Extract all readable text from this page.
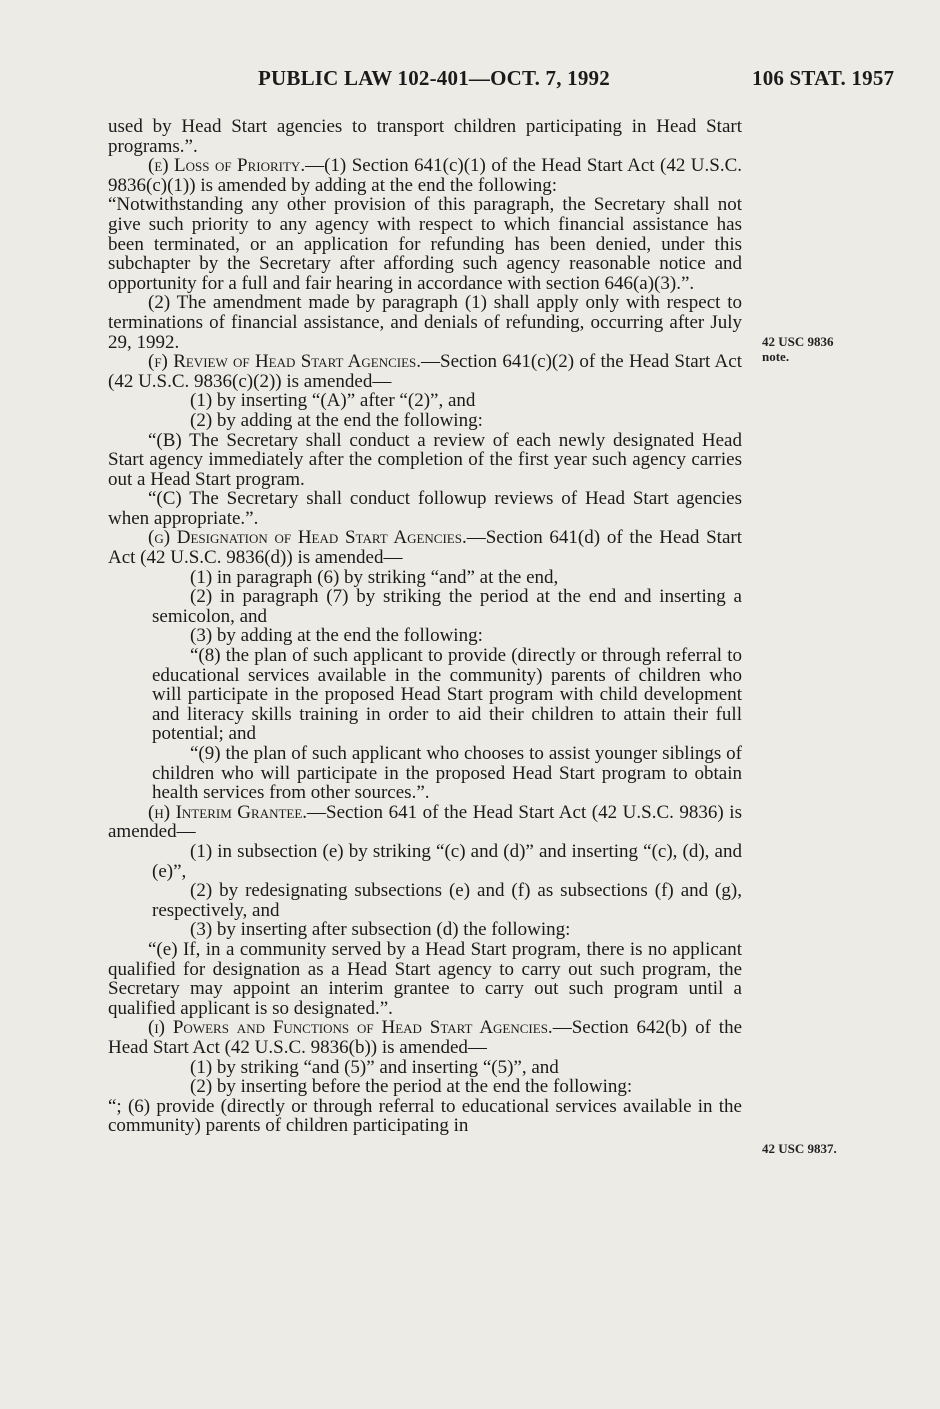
PUBLIC LAW 102-401—OCT. 7, 1992	106 STAT. 1957

used by Head Start agencies to transport children participating in Head Start programs.”.

(e) Loss of Priority.—(1) Section 641(c)(1) of the Head Start Act (42 U.S.C. 9836(c)(1)) is amended by adding at the end the following:

“Notwithstanding any other provision of this paragraph, the Secretary shall not give such priority to any agency with respect to which financial assistance has been terminated, or an application for refunding has been denied, under this subchapter by the Secretary after affording such agency reasonable notice and opportunity for a full and fair hearing in accordance with section 646(a)(3).”.

(2) The amendment made by paragraph (1) shall apply only with respect to terminations of financial assistance, and denials of refunding, occurring after July 29, 1992.

(f) Review of Head Start Agencies.—Section 641(c)(2) of the Head Start Act (42 U.S.C. 9836(c)(2)) is amended—

(1) by inserting “(A)” after “(2)”, and

(2) by adding at the end the following:

“(B) The Secretary shall conduct a review of each newly designated Head Start agency immediately after the completion of the first year such agency carries out a Head Start program.

“(C) The Secretary shall conduct followup reviews of Head Start agencies when appropriate.”.

(g) Designation of Head Start Agencies.—Section 641(d) of the Head Start Act (42 U.S.C. 9836(d)) is amended—

(1) in paragraph (6) by striking “and” at the end,

(2) in paragraph (7) by striking the period at the end and inserting a semicolon, and

(3) by adding at the end the following:

“(8) the plan of such applicant to provide (directly or through referral to educational services available in the community) parents of children who will participate in the proposed Head Start program with child development and literacy skills training in order to aid their children to attain their full potential; and

“(9) the plan of such applicant who chooses to assist younger siblings of children who will participate in the proposed Head Start program to obtain health services from other sources.”.

(h) Interim Grantee.—Section 641 of the Head Start Act (42 U.S.C. 9836) is amended—

(1) in subsection (e) by striking “(c) and (d)” and inserting “(c), (d), and (e)”,

(2) by redesignating subsections (e) and (f) as subsections (f) and (g), respectively, and

(3) by inserting after subsection (d) the following:

“(e) If, in a community served by a Head Start program, there is no applicant qualified for designation as a Head Start agency to carry out such program, the Secretary may appoint an interim grantee to carry out such program until a qualified applicant is so designated.”.

(i) Powers and Functions of Head Start Agencies.—Section 642(b) of the Head Start Act (42 U.S.C. 9836(b)) is amended—

(1) by striking “and (5)” and inserting “(5)”, and

(2) by inserting before the period at the end the following:

“; (6) provide (directly or through referral to educational services available in the community) parents of children participating in

42 USC 9836 note.
42 USC 9837.
